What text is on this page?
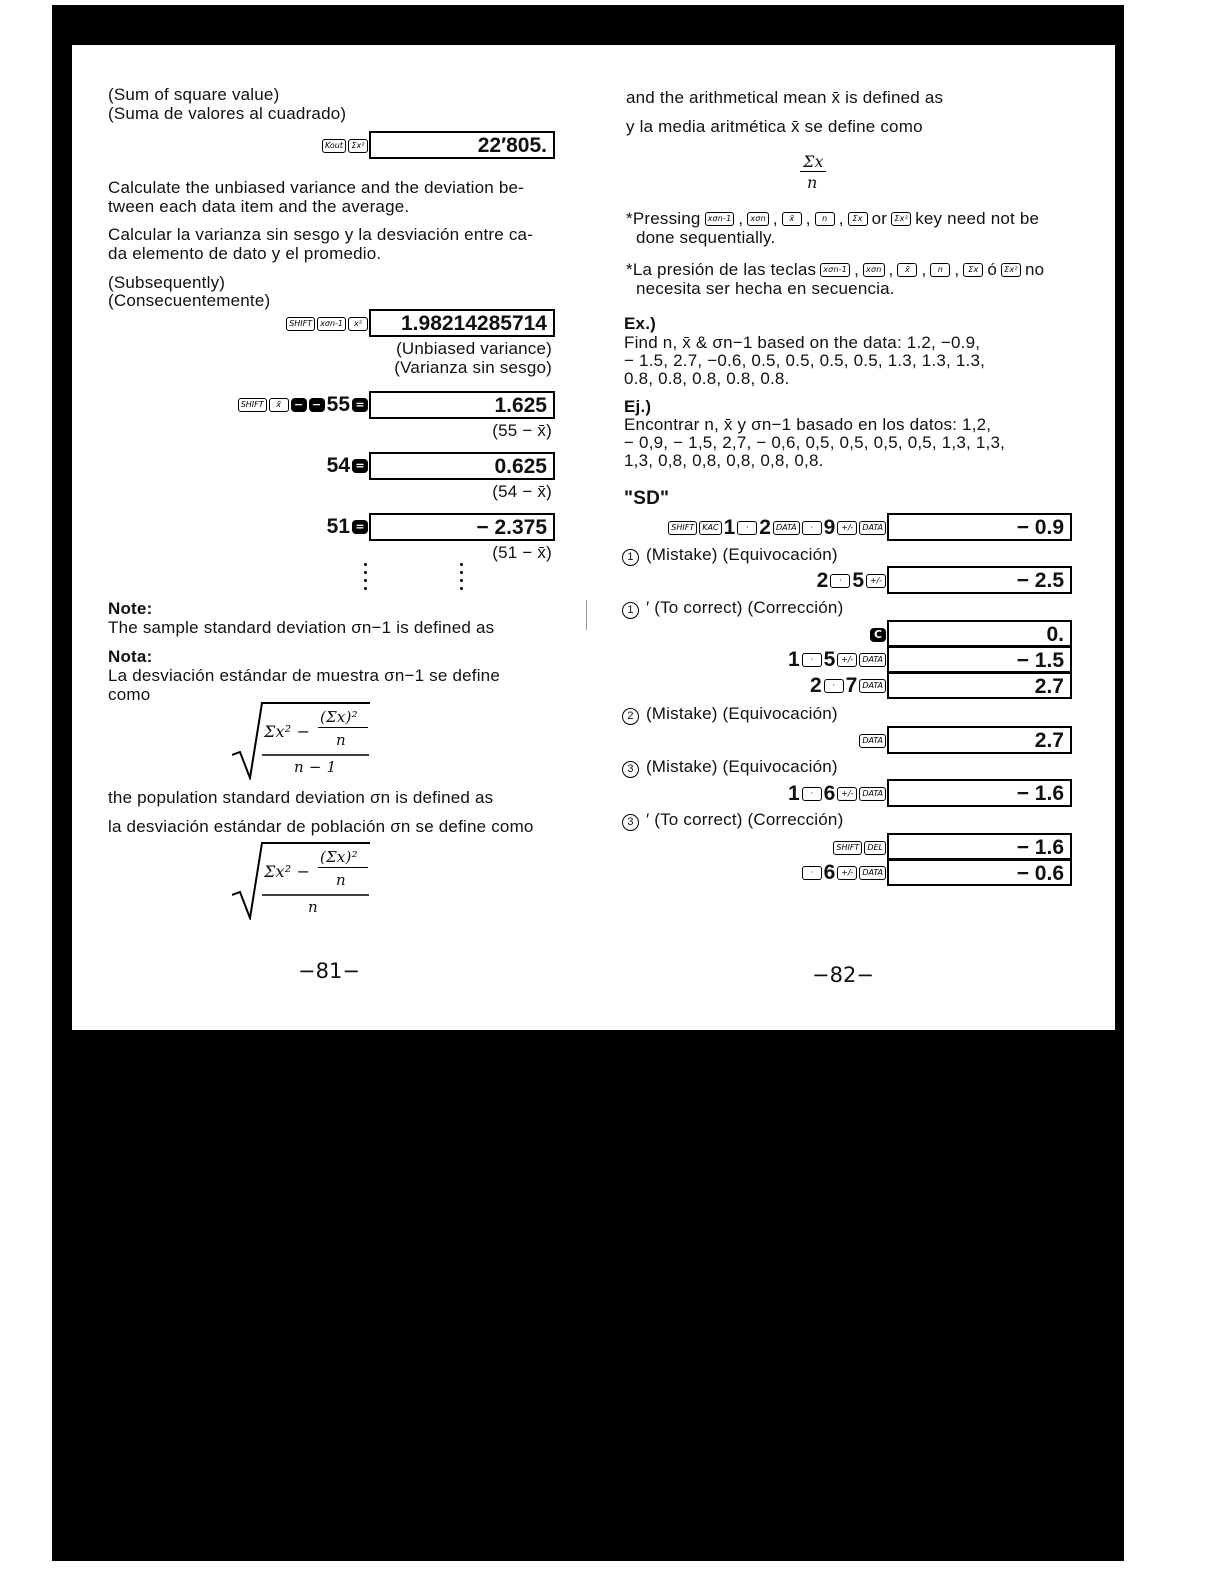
(Sum of square value)
(Suma de valores al cuadrado)
Kout	Σx²	22′805.
Calculate the unbiased variance and the deviation be-
tween each data item and the average.
Calcular la varianza sin sesgo y la desviación entre ca-
da elemento de dato y el promedio.
(Subsequently)
(Consecuentemente)
SHIFT	xσn-1	x²	1.98214285714
(Unbiased variance)
(Varianza sin sesgo)
SHIFT	x̄	− − 55 =	1.625
(55 − x̄)
54 =	0.625
(54 − x̄)
51 =	− 2.375
(51 − x̄)
Note:
The sample standard deviation σn−1 is defined as
Nota:
La desviación estándar de muestra σn−1 se define
como
Σx² −
(Σx)²
n
n − 1
the population standard deviation σn is defined as
la desviación estándar de población σn se define como
Σx² −
(Σx)²
n
n
−81−
and the arithmetical mean x̄ is defined as
y la media aritmética x̄ se define como
Σx
n
*Pressing xσn-1 , xσn ,	x̄ ,	n ,	Σx or Σx² key need not be
done sequentially.
*La presión de las teclas xσn-1 , xσn ,	x̄ ,	n ,	Σx ó Σx² no
necesita ser hecha en secuencia.
Ex.)
Find n, x̄ & σn−1 based on the data: 1.2, −0.9,
− 1.5, 2.7, −0.6, 0.5, 0.5, 0.5, 0.5, 1.3, 1.3, 1.3,
0.8, 0.8, 0.8, 0.8, 0.8.
Ej.)
Encontrar n, x̄ y σn−1 basado en los datos: 1,2,
− 0,9, − 1,5, 2,7, − 0,6, 0,5, 0,5, 0,5, 0,5, 1,3, 1,3,
1,3, 0,8, 0,8, 0,8, 0,8, 0,8.
"SD"
SHIFT	KAC 1	· 2 DATA	· 9 +/-	DATA	− 0.9
1 (Mistake) (Equivocación)
2	· 5 +/-	− 2.5
1 ′ (To correct) (Corrección)
C	0.
1	· 5 +/-	DATA	− 1.5
2	· 7 DATA	2.7
2 (Mistake) (Equivocación)
DATA	2.7
3 (Mistake) (Equivocación)
1	· 6 +/-	DATA	− 1.6
3 ′ (To correct) (Corrección)
SHIFT	DEL	− 1.6
· 6 +/-	DATA	− 0.6
−82−
